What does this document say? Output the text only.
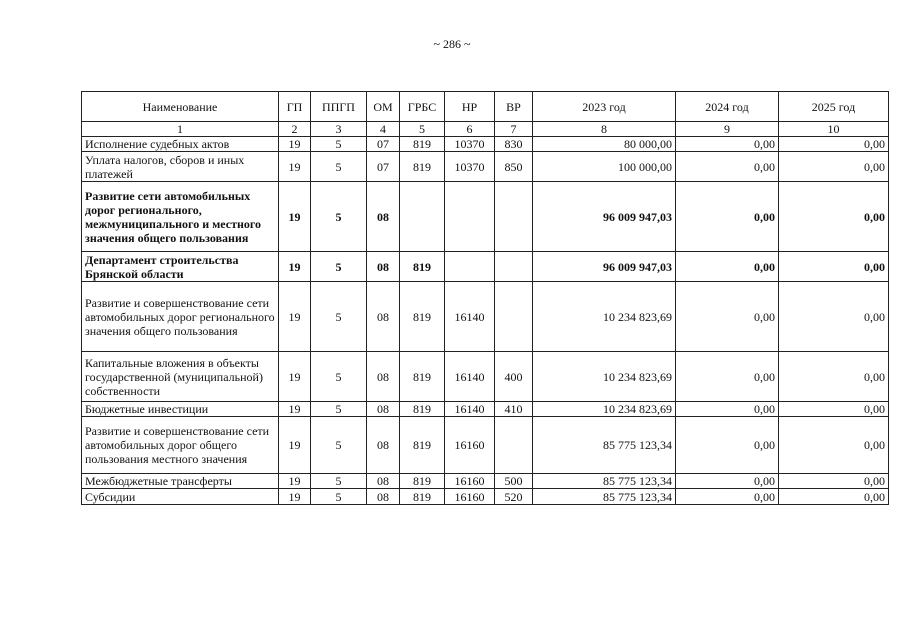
~ 286 ~
Наименование	ГП	ППГП	ОМ	ГРБС	НР	ВР	2023 год	2024 год	2025 год
1	2	3	4	5	6	7	8	9	10
Исполнение судебных актов	19	5	07	819	10370	830	80 000,00	0,00	0,00
Уплата налогов, сборов и иных платежей	19	5	07	819	10370	850	100 000,00	0,00	0,00
Развитие сети автомобильных дорог регионального, межмуниципального и местного значения общего пользования	19	5	08				96 009 947,03	0,00	0,00
Департамент строительства Брянской области	19	5	08	819			96 009 947,03	0,00	0,00
Развитие и совершенствование сети автомобильных дорог регионального значения общего пользования	19	5	08	819	16140		10 234 823,69	0,00	0,00
Капитальные вложения в объекты государственной (муниципальной) собственности	19	5	08	819	16140	400	10 234 823,69	0,00	0,00
Бюджетные инвестиции	19	5	08	819	16140	410	10 234 823,69	0,00	0,00
Развитие и совершенствование сети автомобильных дорог общего пользования местного значения	19	5	08	819	16160		85 775 123,34	0,00	0,00
Межбюджетные трансферты	19	5	08	819	16160	500	85 775 123,34	0,00	0,00
Субсидии	19	5	08	819	16160	520	85 775 123,34	0,00	0,00
